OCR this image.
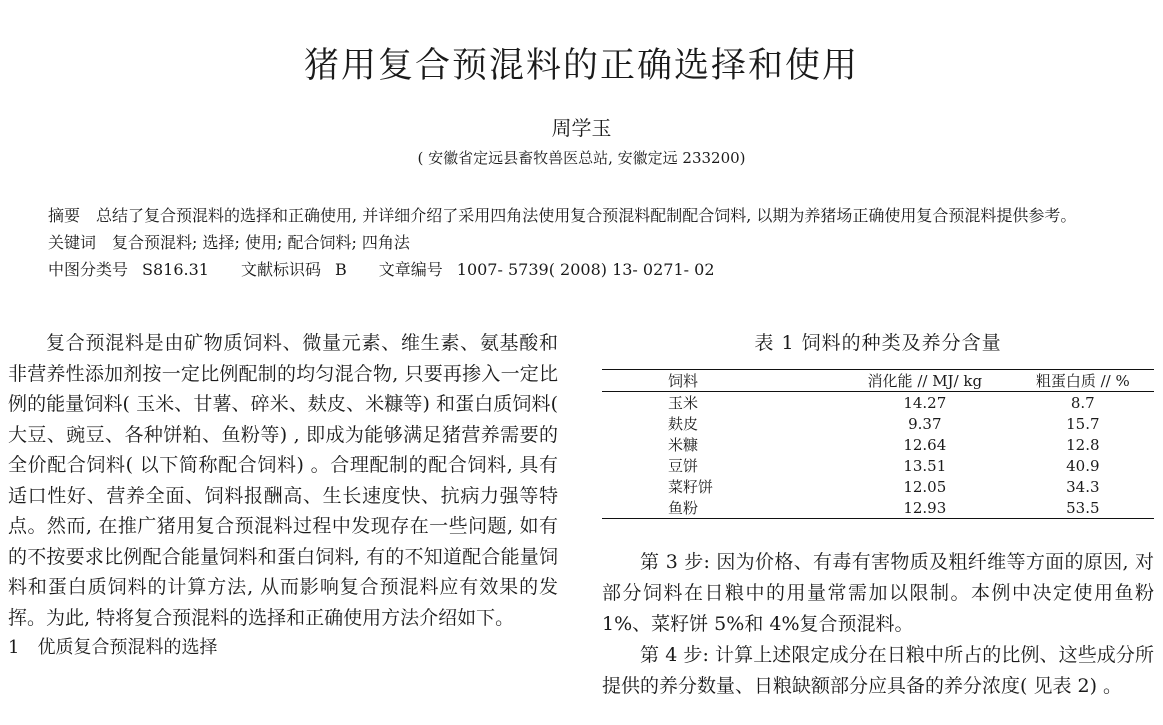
猪用复合预混料的正确选择和使用
周学玉
( 安徽省定远县畜牧兽医总站, 安徽定远 233200)

摘要 总结了复合预混料的选择和正确使用, 并详细介绍了采用四角法使用复合预混料配制配合饲料, 以期为养猪场正确使用复合预混料提供参考。

关键词 复合预混料; 选择; 使用; 配合饲料; 四角法

中图分类号 S816.31 文献标识码 B 文章编号 1007- 5739( 2008) 13- 0271- 02

复合预混料是由矿物质饲料、微量元素、维生素、氨基酸和非营养性添加剂按一定比例配制的均匀混合物, 只要再掺入一定比例的能量饲料( 玉米、甘薯、碎米、麸皮、米糠等) 和蛋白质饲料( 大豆、豌豆、各种饼粕、鱼粉等) , 即成为能够满足猪营养需要的全价配合饲料( 以下简称配合饲料) 。合理配制的配合饲料, 具有适口性好、营养全面、饲料报酬高、生长速度快、抗病力强等特点。然而, 在推广猪用复合预混料过程中发现存在一些问题, 如有的不按要求比例配合能量饲料和蛋白饲料, 有的不知道配合能量饲料和蛋白质饲料的计算方法, 从而影响复合预混料应有效果的发挥。为此, 特将复合预混料的选择和正确使用方法介绍如下。

1 优质复合预混料的选择

表 1 饲料的种类及养分含量
饲料	消化能 // MJ/ kg	粗蛋白质 // %
玉米	14.27	8.7
麸皮	9.37	15.7
米糠	12.64	12.8
豆饼	13.51	40.9
菜籽饼	12.05	34.3
鱼粉	12.93	53.5

第 3 步: 因为价格、有毒有害物质及粗纤维等方面的原因, 对部分饲料在日粮中的用量常需加以限制。本例中决定使用鱼粉 1%、菜籽饼 5%和 4%复合预混料。

第 4 步: 计算上述限定成分在日粮中所占的比例、这些成分所提供的养分数量、日粮缺额部分应具备的养分浓度( 见表 2) 。
